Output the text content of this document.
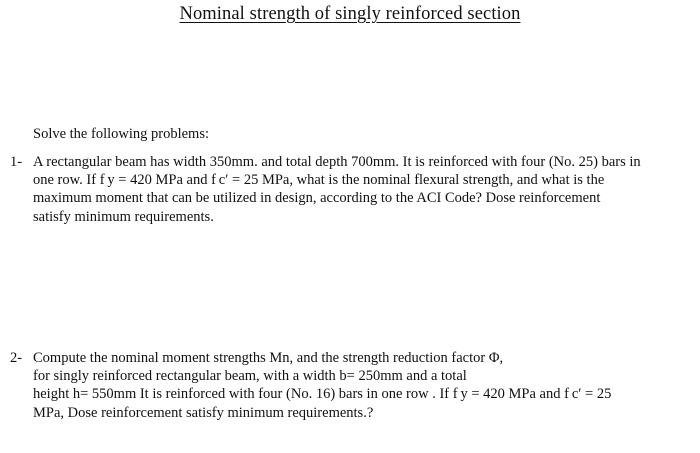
Nominal strength of singly reinforced section
Solve the following problems:
1- A rectangular beam has width 350mm. and total depth 700mm. It is reinforced with four (No. 25) bars in
one row. If f y = 420 MPa and f c′ = 25 MPa, what is the nominal flexural strength, and what is the
maximum moment that can be utilized in design, according to the ACI Code? Dose reinforcement
satisfy minimum requirements.
2- Compute the nominal moment strengths Mn, and the strength reduction factor Φ,
for singly reinforced rectangular beam, with a width b= 250mm and a total
height h= 550mm It is reinforced with four (No. 16) bars in one row . If f y = 420 MPa and f c′ = 25
MPa, Dose reinforcement satisfy minimum requirements.?
